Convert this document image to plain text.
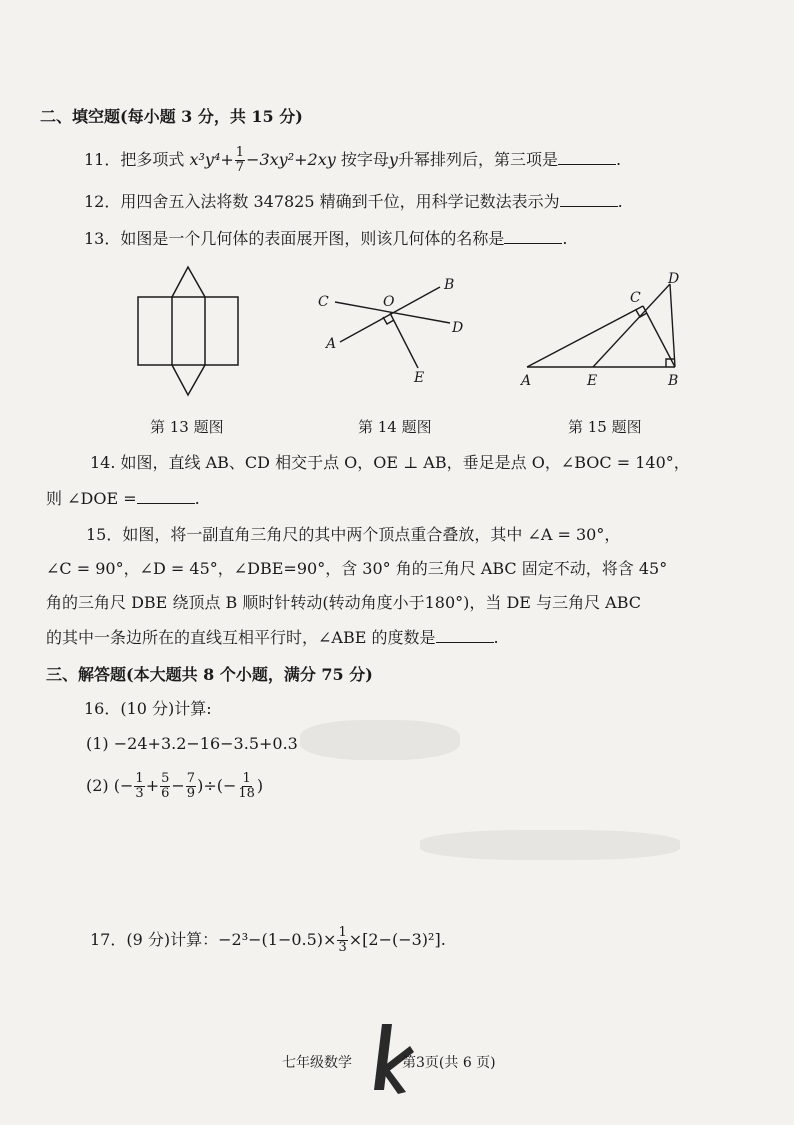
二、填空题(每小题 3 分，共 15 分)
11．把多项式 $x^3y^4+ \frac{1}{7} -3xy^2+2xy$ 按字母y升幂排列后，第三项是	.
12．用四舍五入法将数 347825 精确到千位，用科学记数法表示为	.
13．如图是一个几何体的表面展开图，则该几何体的名称是	.
B
C	O
D
A
E
D
C
A	E	B
第 13 题图	第 14 题图	第 15 题图
14. 如图，直线 AB、CD 相交于点 O，OE ⊥ AB，垂足是点 O，∠BOC = 140°，
则 ∠DOE =	.
15．如图，将一副直角三角尺的其中两个顶点重合叠放，其中 ∠A = 30°，
∠C = 90°，∠D = 45°，∠DBE=90°，含 30° 角的三角尺 ABC 固定不动，将含 45°
角的三角尺 DBE 绕顶点 B 顺时针转动(转动角度小于180°)，当 DE 与三角尺 ABC
的其中一条边所在的直线互相平行时，∠ABE 的度数是	.
三、解答题(本大题共 8 个小题，满分 75 分)
16．(10 分)计算:
(1) −24+3.2−16−3.5+0.3
(2) (− $\frac{1}{3} + \frac{5}{6} - \frac{7}{9}$ )÷(− $\frac{1}{18}$ )
17．(9 分)计算：$-2^3-(1-0.5)\times \frac{1}{3} \times[2-(-3)^2]$.
七年级数学	第3页(共 6 页)
